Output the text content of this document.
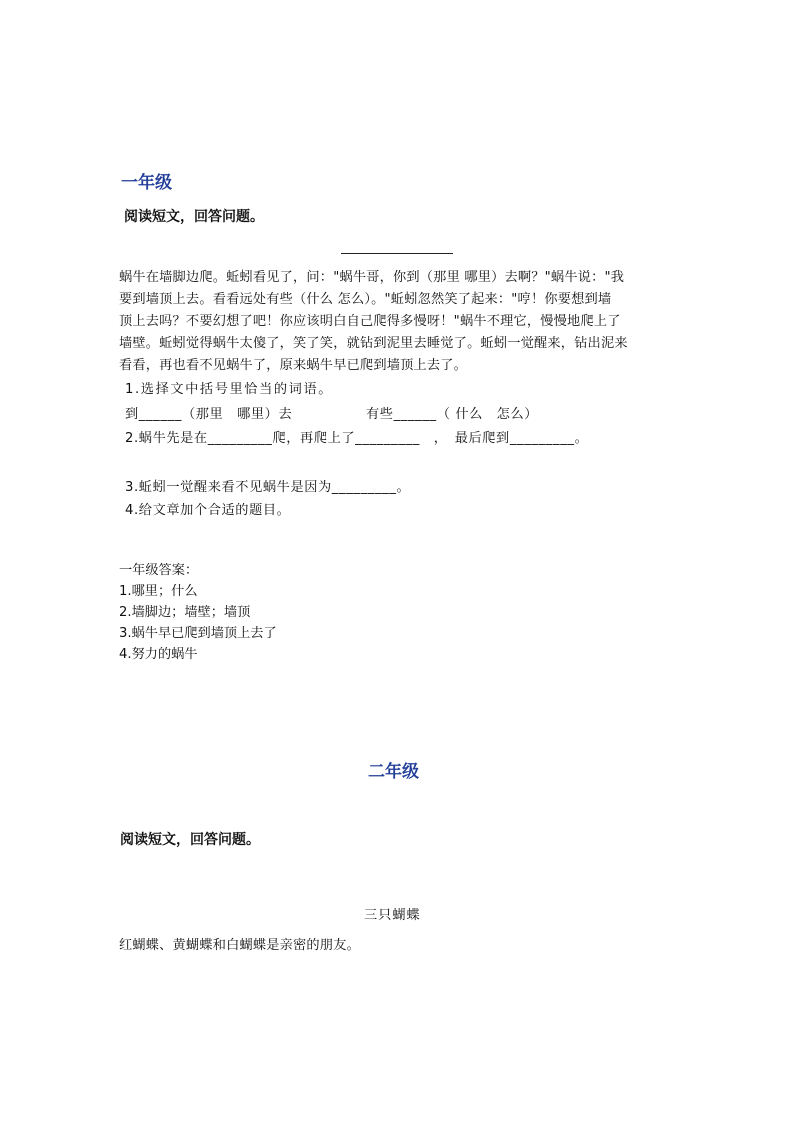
一年级
阅读短文，回答问题。
蜗牛在墙脚边爬。蚯蚓看见了，问："蜗牛哥，你到（那里 哪里）去啊？"蜗牛说："我
要到墙顶上去。看看远处有些（什么 怎么）。"蚯蚓忽然笑了起来："哼！你要想到墙
顶上去吗？不要幻想了吧！你应该明白自己爬得多慢呀！"蜗牛不理它，慢慢地爬上了
墙壁。蚯蚓觉得蜗牛太傻了，笑了笑，就钻到泥里去睡觉了。蚯蚓一觉醒来，钻出泥来
看看，再也看不见蜗牛了，原来蜗牛早已爬到墙顶上去了。
1.选择文中括号里恰当的词语。
到______（那里　哪里）去	有些______（ 什么　怎么）
2.蜗牛先是在_________爬，再爬上了_________　，　最后爬到_________。
3.蚯蚓一觉醒来看不见蜗牛是因为_________。
4.给文章加个合适的题目。
一年级答案：
1.哪里；什么
2.墙脚边；墙壁；墙顶
3.蜗牛早已爬到墙顶上去了
4.努力的蜗牛
二年级
阅读短文，回答问题。
三只蝴蝶
红蝴蝶、黄蝴蝶和白蝴蝶是亲密的朋友。
